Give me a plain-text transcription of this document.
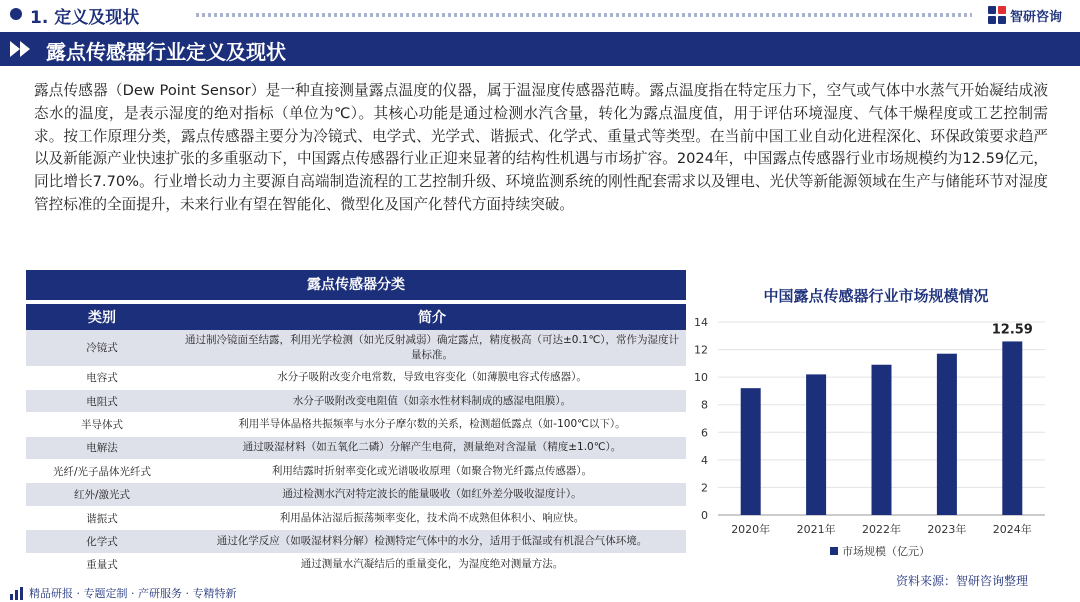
1. 定义及现状	智研咨询
露点传感器行业定义及现状
露点传感器（Dew Point Sensor）是一种直接测量露点温度的仪器，属于温湿度传感器范畴。露点温度指在特定压力下，空气或气体中水蒸气开始凝结成液态水的温度，是表示湿度的绝对指标（单位为℃）。其核心功能是通过检测水汽含量，转化为露点温度值，用于评估环境湿度、气体干燥程度或工艺控制需求。按工作原理分类，露点传感器主要分为冷镜式、电学式、光学式、谐振式、化学式、重量式等类型。在当前中国工业自动化进程深化、环保政策要求趋严以及新能源产业快速扩张的多重驱动下，中国露点传感器行业正迎来显著的结构性机遇与市场扩容。2024年，中国露点传感器行业市场规模约为12.59亿元，同比增长7.70%。行业增长动力主要源自高端制造流程的工艺控制升级、环境监测系统的刚性配套需求以及锂电、光伏等新能源领域在生产与储能环节对湿度管控标准的全面提升，未来行业有望在智能化、微型化及国产化替代方面持续突破。
露点传感器分类
类别	简介
冷镜式	通过制冷镜面至结露，利用光学检测（如光反射减弱）确定露点，精度极高（可达±0.1℃），常作为湿度计量标准。
电容式	水分子吸附改变介电常数，导致电容变化（如薄膜电容式传感器）。
电阻式	水分子吸附改变电阻值（如亲水性材料制成的感湿电阻膜）。
半导体式	利用半导体晶格共振频率与水分子摩尔数的关系，检测超低露点（如-100℃以下）。
电解法	通过吸湿材料（如五氧化二磷）分解产生电荷，测量绝对含湿量（精度±1.0℃）。
光纤/光子晶体光纤式	利用结露时折射率变化或光谱吸收原理（如聚合物光纤露点传感器）。
红外/激光式	通过检测水汽对特定波长的能量吸收（如红外差分吸收湿度计）。
谐振式	利用晶体沾湿后振荡频率变化，技术尚不成熟但体积小、响应快。
化学式	通过化学反应（如吸湿材料分解）检测特定气体中的水分，适用于低湿或有机混合气体环境。
重量式	通过测量水汽凝结后的重量变化，为湿度绝对测量方法。
中国露点传感器行业市场规模情况
0
2
4
6
8
10
12
14
2020年 2021年 2022年 2023年 2024年
12.59
市场规模（亿元）
资料来源：智研咨询整理
精品研报 · 专题定制 · 产研服务 · 专精特新
